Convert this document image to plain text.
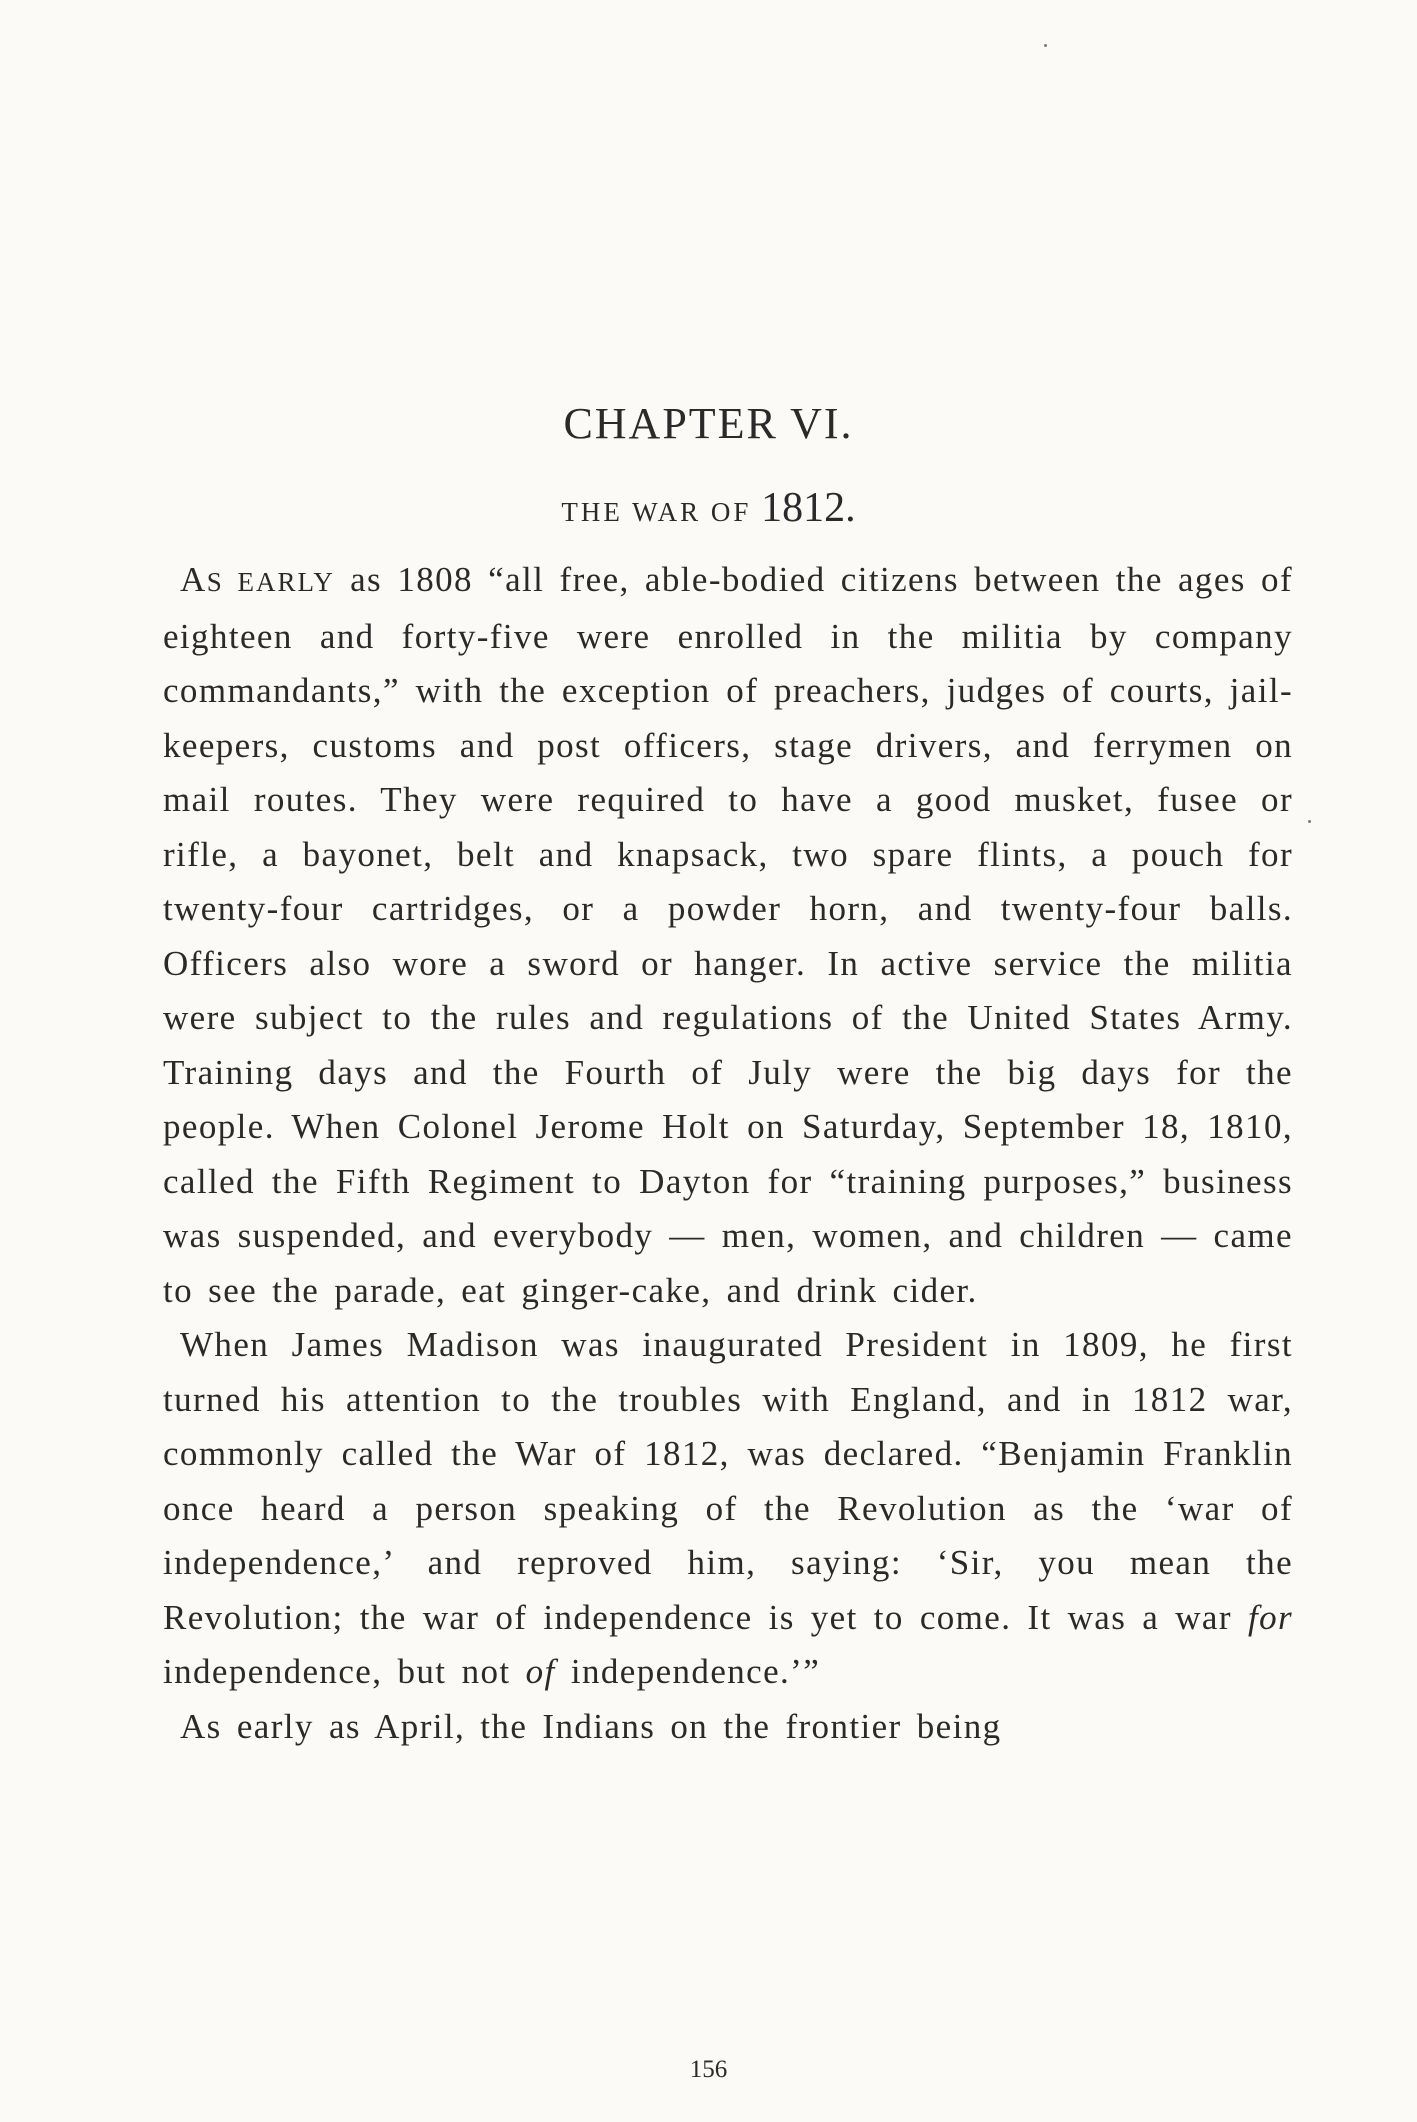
CHAPTER VI.
THE WAR OF 1812.

AS EARLY as 1808 “all free, able-bodied citizens between the ages of eighteen and forty-five were enrolled in the militia by company commandants,” with the exception of preachers, judges of courts, jail-keepers, customs and post officers, stage drivers, and ferrymen on mail routes. They were required to have a good musket, fusee or rifle, a bayonet, belt and knapsack, two spare flints, a pouch for twenty-four cartridges, or a powder horn, and twenty-four balls. Officers also wore a sword or hanger. In active service the militia were subject to the rules and regulations of the United States Army. Training days and the Fourth of July were the big days for the people. When Colonel Jerome Holt on Saturday, September 18, 1810, called the Fifth Regiment to Dayton for “training purposes,” business was suspended, and everybody — men, women, and children — came to see the parade, eat ginger-cake, and drink cider.

When James Madison was inaugurated President in 1809, he first turned his attention to the troubles with England, and in 1812 war, commonly called the War of 1812, was declared. “Benjamin Franklin once heard a person speaking of the Revolution as the ‘war of independence,’ and reproved him, saying: ‘Sir, you mean the Revolution; the war of independence is yet to come. It was a war for independence, but not of independence.’”

As early as April, the Indians on the frontier being

156
